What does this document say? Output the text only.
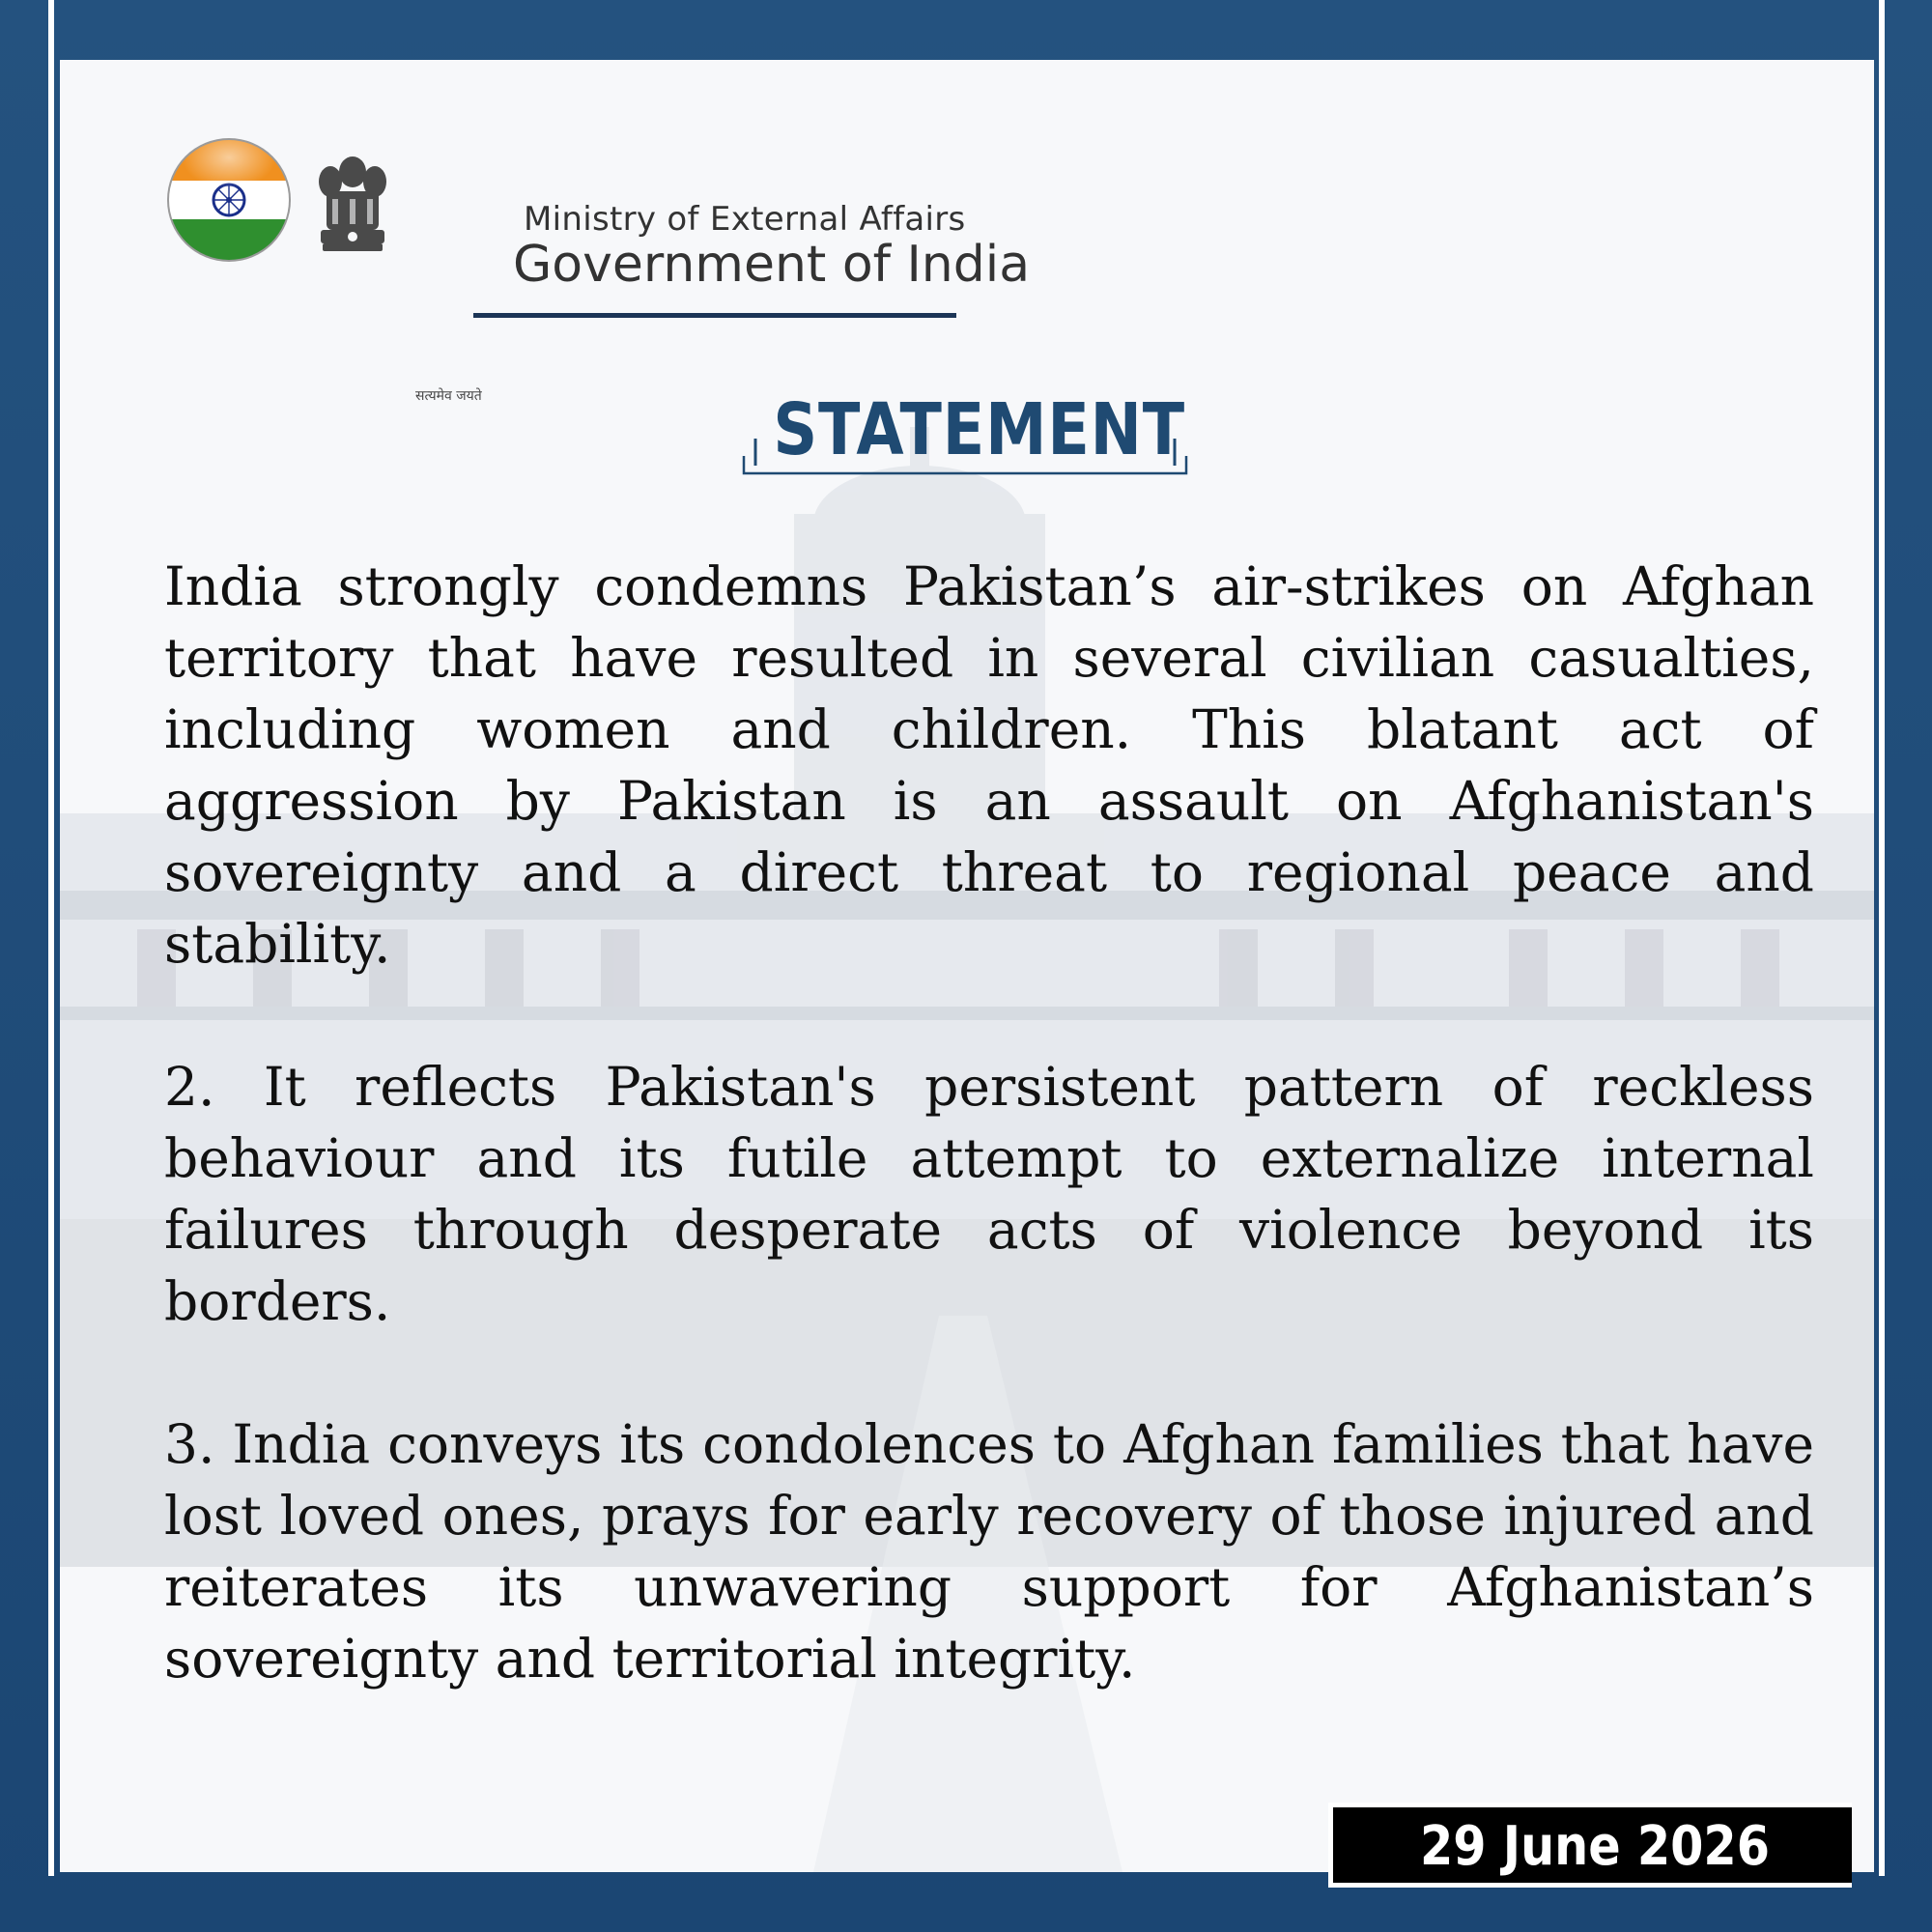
सत्यमेव जयते
Ministry of External Affairs
Government of India
STATEMENT

India strongly condemns Pakistan’s air-strikes on Afghan territory that have resulted in several civilian casualties, including women and children. This blatant act of aggression by Pakistan is an assault on Afghanistan's sovereignty and a direct threat to regional peace and stability.

2. It reflects Pakistan's persistent pattern of reckless behaviour and its futile attempt to externalize internal failures through desperate acts of violence beyond its borders.

3. India conveys its condolences to Afghan families that have lost loved ones, prays for early recovery of those injured and reiterates its unwavering support for Afghanistan’s sovereignty and territorial integrity.

29 June 2026
